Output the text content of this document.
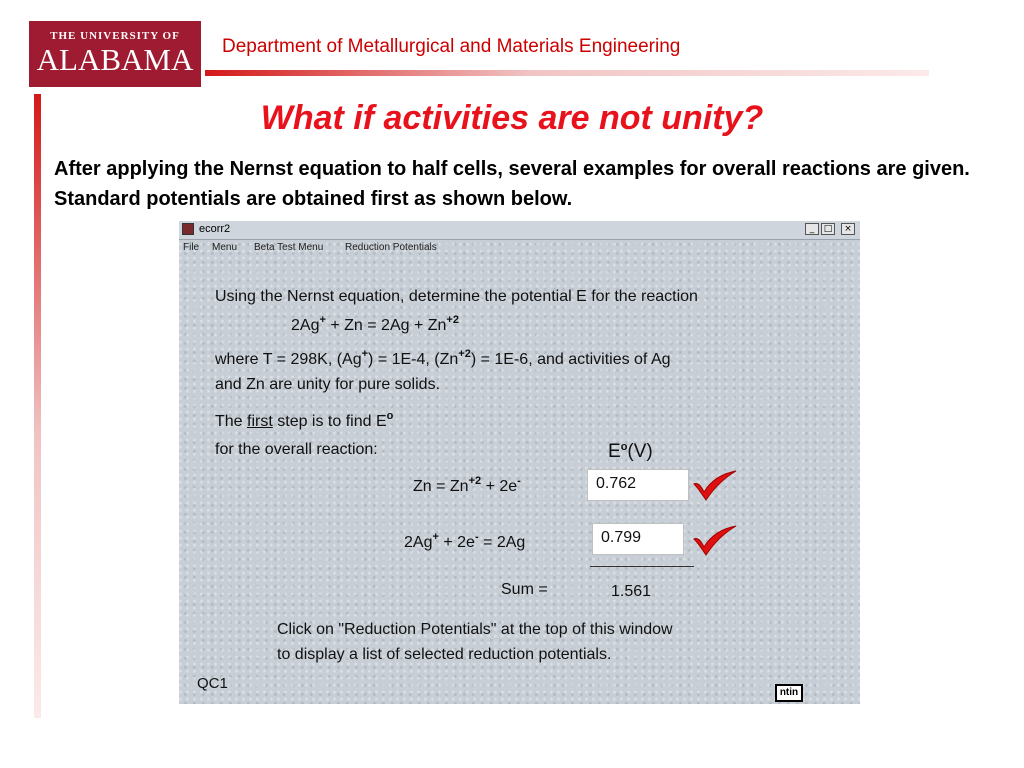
THE UNIVERSITY OF
ALABAMA	Department of Metallurgical and Materials Engineering
What if activities are not unity?
After applying the Nernst equation to half cells, several examples for overall reactions are given. Standard potentials are obtained first as shown below.
ecorr2	_	□	×
File Menu Beta Test Menu Reduction Potentials
Using the Nernst equation, determine the potential E for the reaction
$2Ag^+ + Zn = 2Ag + Zn^{+2}$
where T = 298K, (Ag+) = 1E-4, $(Zn^{+2}) = 1E-6$, and activities of Ag
and Zn are unity for pure solids.
The first step is to find $E^o$
for the overall reaction:	$E^o(V)$
$Zn = Zn^{+2} + 2e^-$	0.762
2Ag+ + 2e- = 2Ag	0.799
Sum =	1.561
Click on "Reduction Potentials" at the top of this window
to display a list of selected reduction potentials.
QC1
ntin
